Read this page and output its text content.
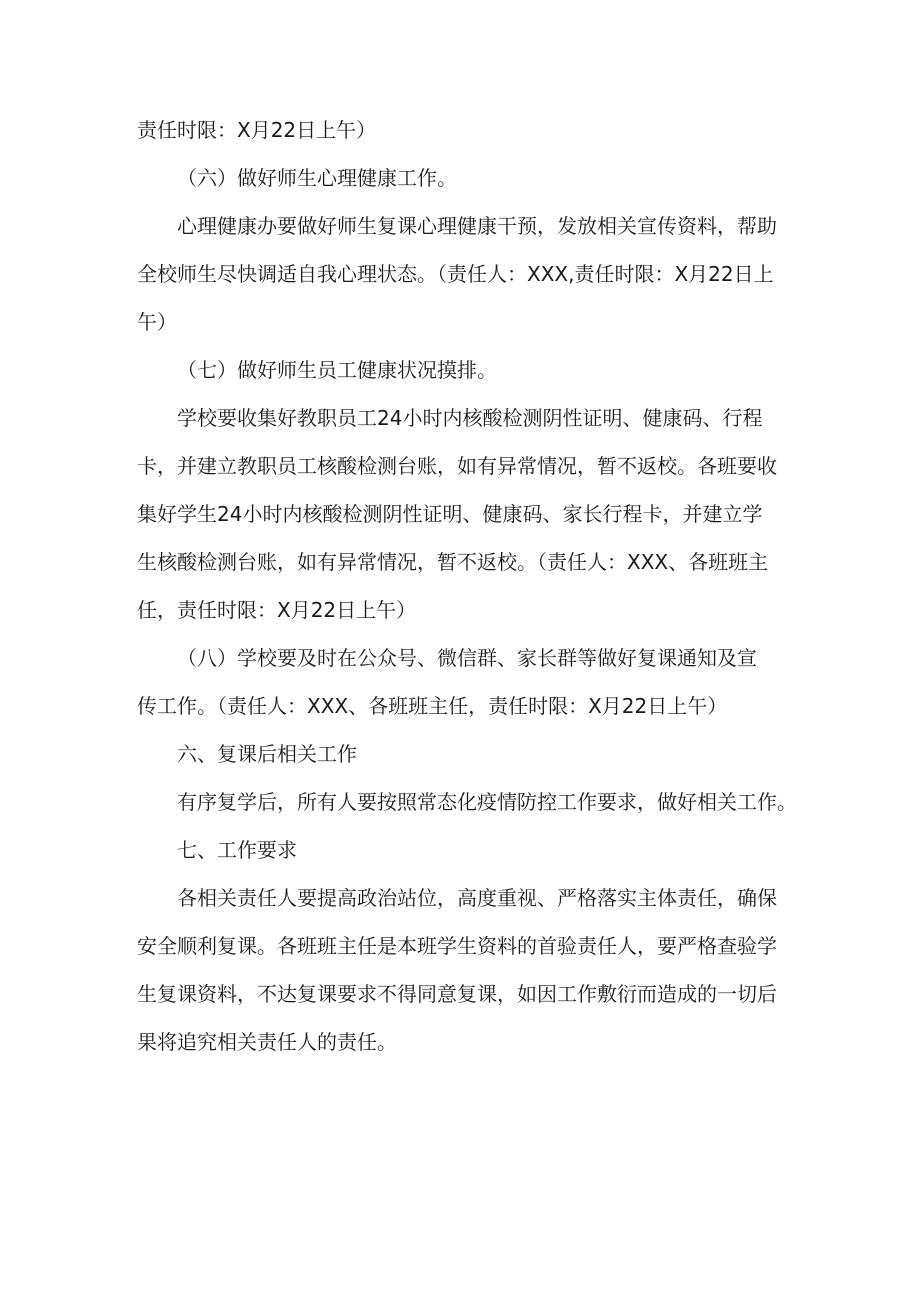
责任时限：X月22日上午）
（六）做好师生心理健康工作。
心理健康办要做好师生复课心理健康干预，发放相关宣传资料，帮助
全校师生尽快调适自我心理状态。（责任人：XXX,责任时限：X月22日上
午）
（七）做好师生员工健康状况摸排。
学校要收集好教职员工24小时内核酸检测阴性证明、健康码、行程
卡，并建立教职员工核酸检测台账，如有异常情况，暂不返校。各班要收
集好学生24小时内核酸检测阴性证明、健康码、家长行程卡，并建立学
生核酸检测台账，如有异常情况，暂不返校。（责任人：XXX、各班班主
任，责任时限：X月22日上午）
（八）学校要及时在公众号、微信群、家长群等做好复课通知及宣
传工作。（责任人：XXX、各班班主任，责任时限：X月22日上午）
六、复课后相关工作
有序复学后，所有人要按照常态化疫情防控工作要求，做好相关工作。
七、工作要求
各相关责任人要提高政治站位，高度重视、严格落实主体责任，确保
安全顺利复课。各班班主任是本班学生资料的首验责任人，要严格查验学
生复课资料，不达复课要求不得同意复课，如因工作敷衍而造成的一切后
果将追究相关责任人的责任。
